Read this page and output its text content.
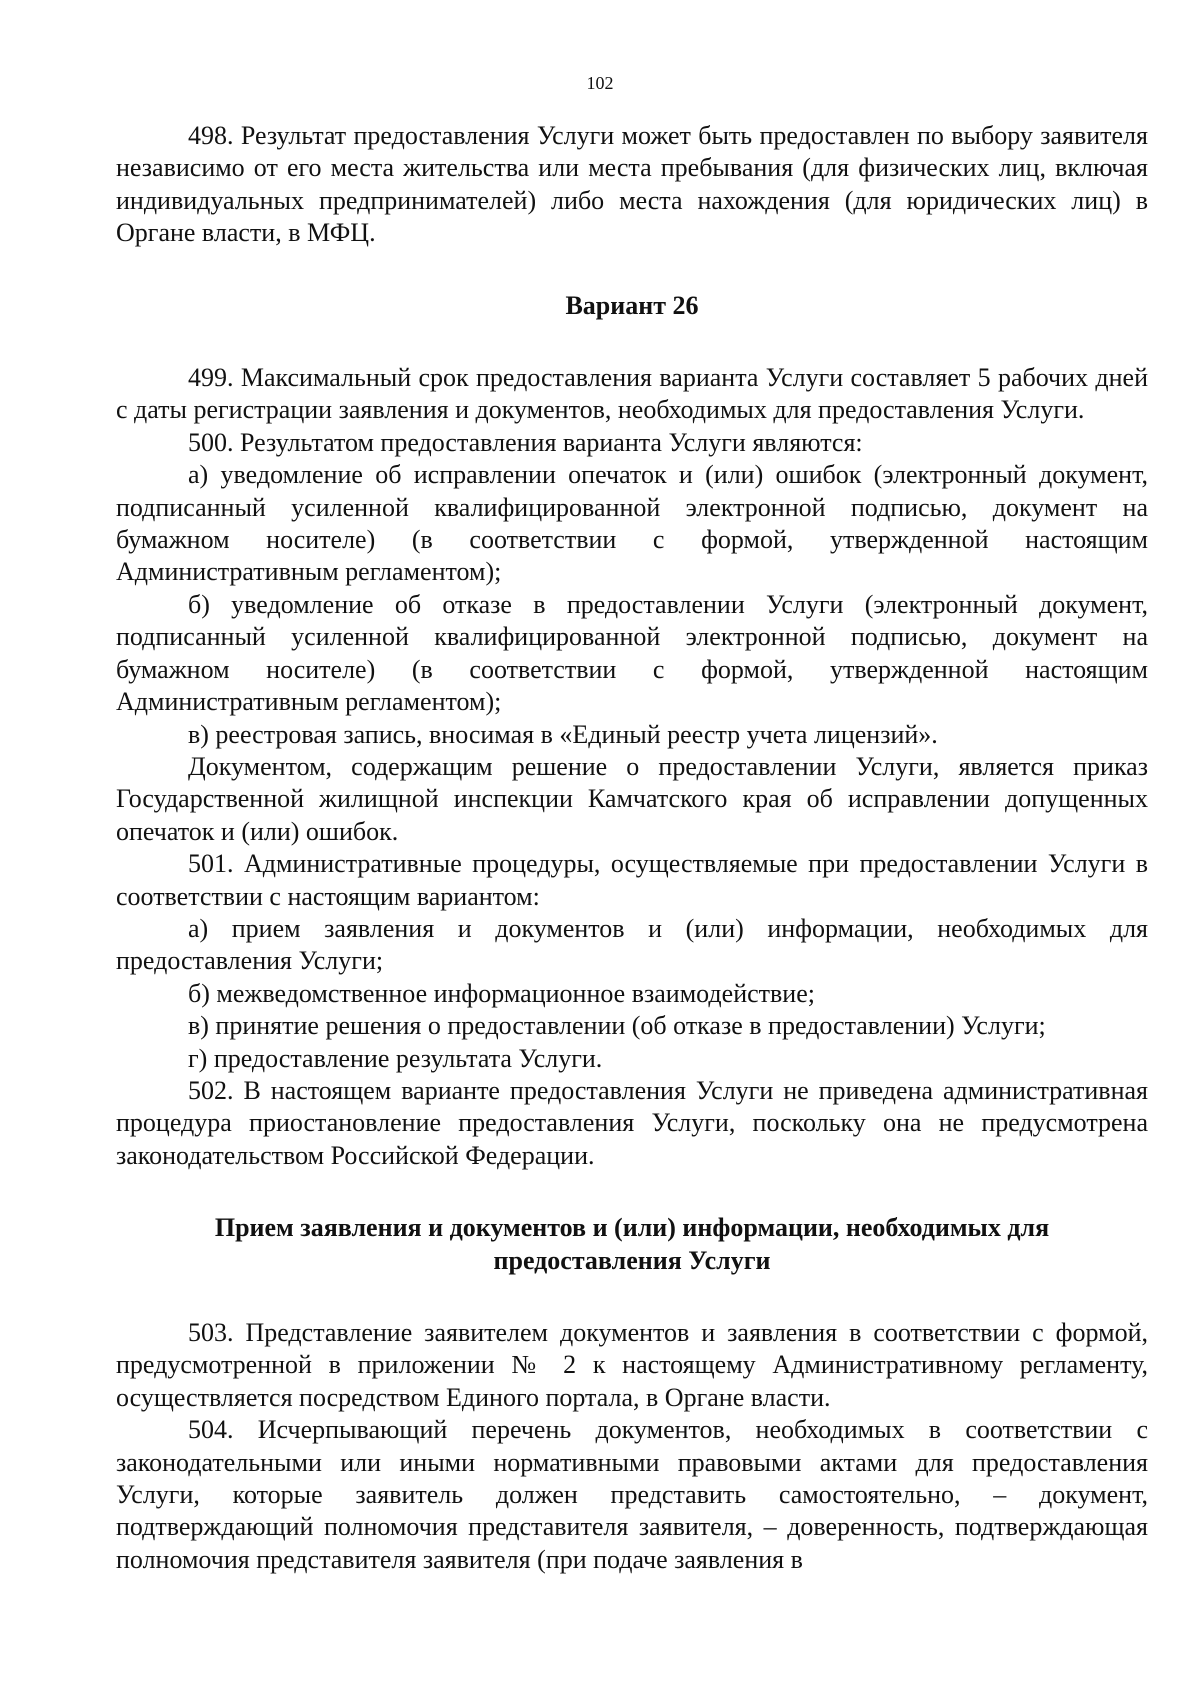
102

498. Результат предоставления Услуги может быть предоставлен по выбору заявителя независимо от его места жительства или места пребывания (для физических лиц, включая индивидуальных предпринимателей) либо места нахождения (для юридических лиц) в Органе власти, в МФЦ.

Вариант 26

499. Максимальный срок предоставления варианта Услуги составляет 5 рабочих дней с даты регистрации заявления и документов, необходимых для предоставления Услуги.

500. Результатом предоставления варианта Услуги являются:

а) уведомление об исправлении опечаток и (или) ошибок (электронный документ, подписанный усиленной квалифицированной электронной подписью, документ на бумажном носителе) (в соответствии с формой, утвержденной настоящим Административным регламентом);

б) уведомление об отказе в предоставлении Услуги (электронный документ, подписанный усиленной квалифицированной электронной подписью, документ на бумажном носителе) (в соответствии с формой, утвержденной настоящим Административным регламентом);

в) реестровая запись, вносимая в «Единый реестр учета лицензий».

Документом, содержащим решение о предоставлении Услуги, является приказ Государственной жилищной инспекции Камчатского края об исправлении допущенных опечаток и (или) ошибок.

501. Административные процедуры, осуществляемые при предоставлении Услуги в соответствии с настоящим вариантом:

а) прием заявления и документов и (или) информации, необходимых для предоставления Услуги;

б) межведомственное информационное взаимодействие;

в) принятие решения о предоставлении (об отказе в предоставлении) Услуги;

г) предоставление результата Услуги.

502. В настоящем варианте предоставления Услуги не приведена административная процедура приостановление предоставления Услуги, поскольку она не предусмотрена законодательством Российской Федерации.

Прием заявления и документов и (или) информации, необходимых для предоставления Услуги

503. Представление заявителем документов и заявления в соответствии с формой, предусмотренной в приложении № 2 к настоящему Административному регламенту, осуществляется посредством Единого портала, в Органе власти.

504. Исчерпывающий перечень документов, необходимых в соответствии с законодательными или иными нормативными правовыми актами для предоставления Услуги, которые заявитель должен представить самостоятельно, – документ, подтверждающий полномочия представителя заявителя, – доверенность, подтверждающая полномочия представителя заявителя (при подаче заявления в
